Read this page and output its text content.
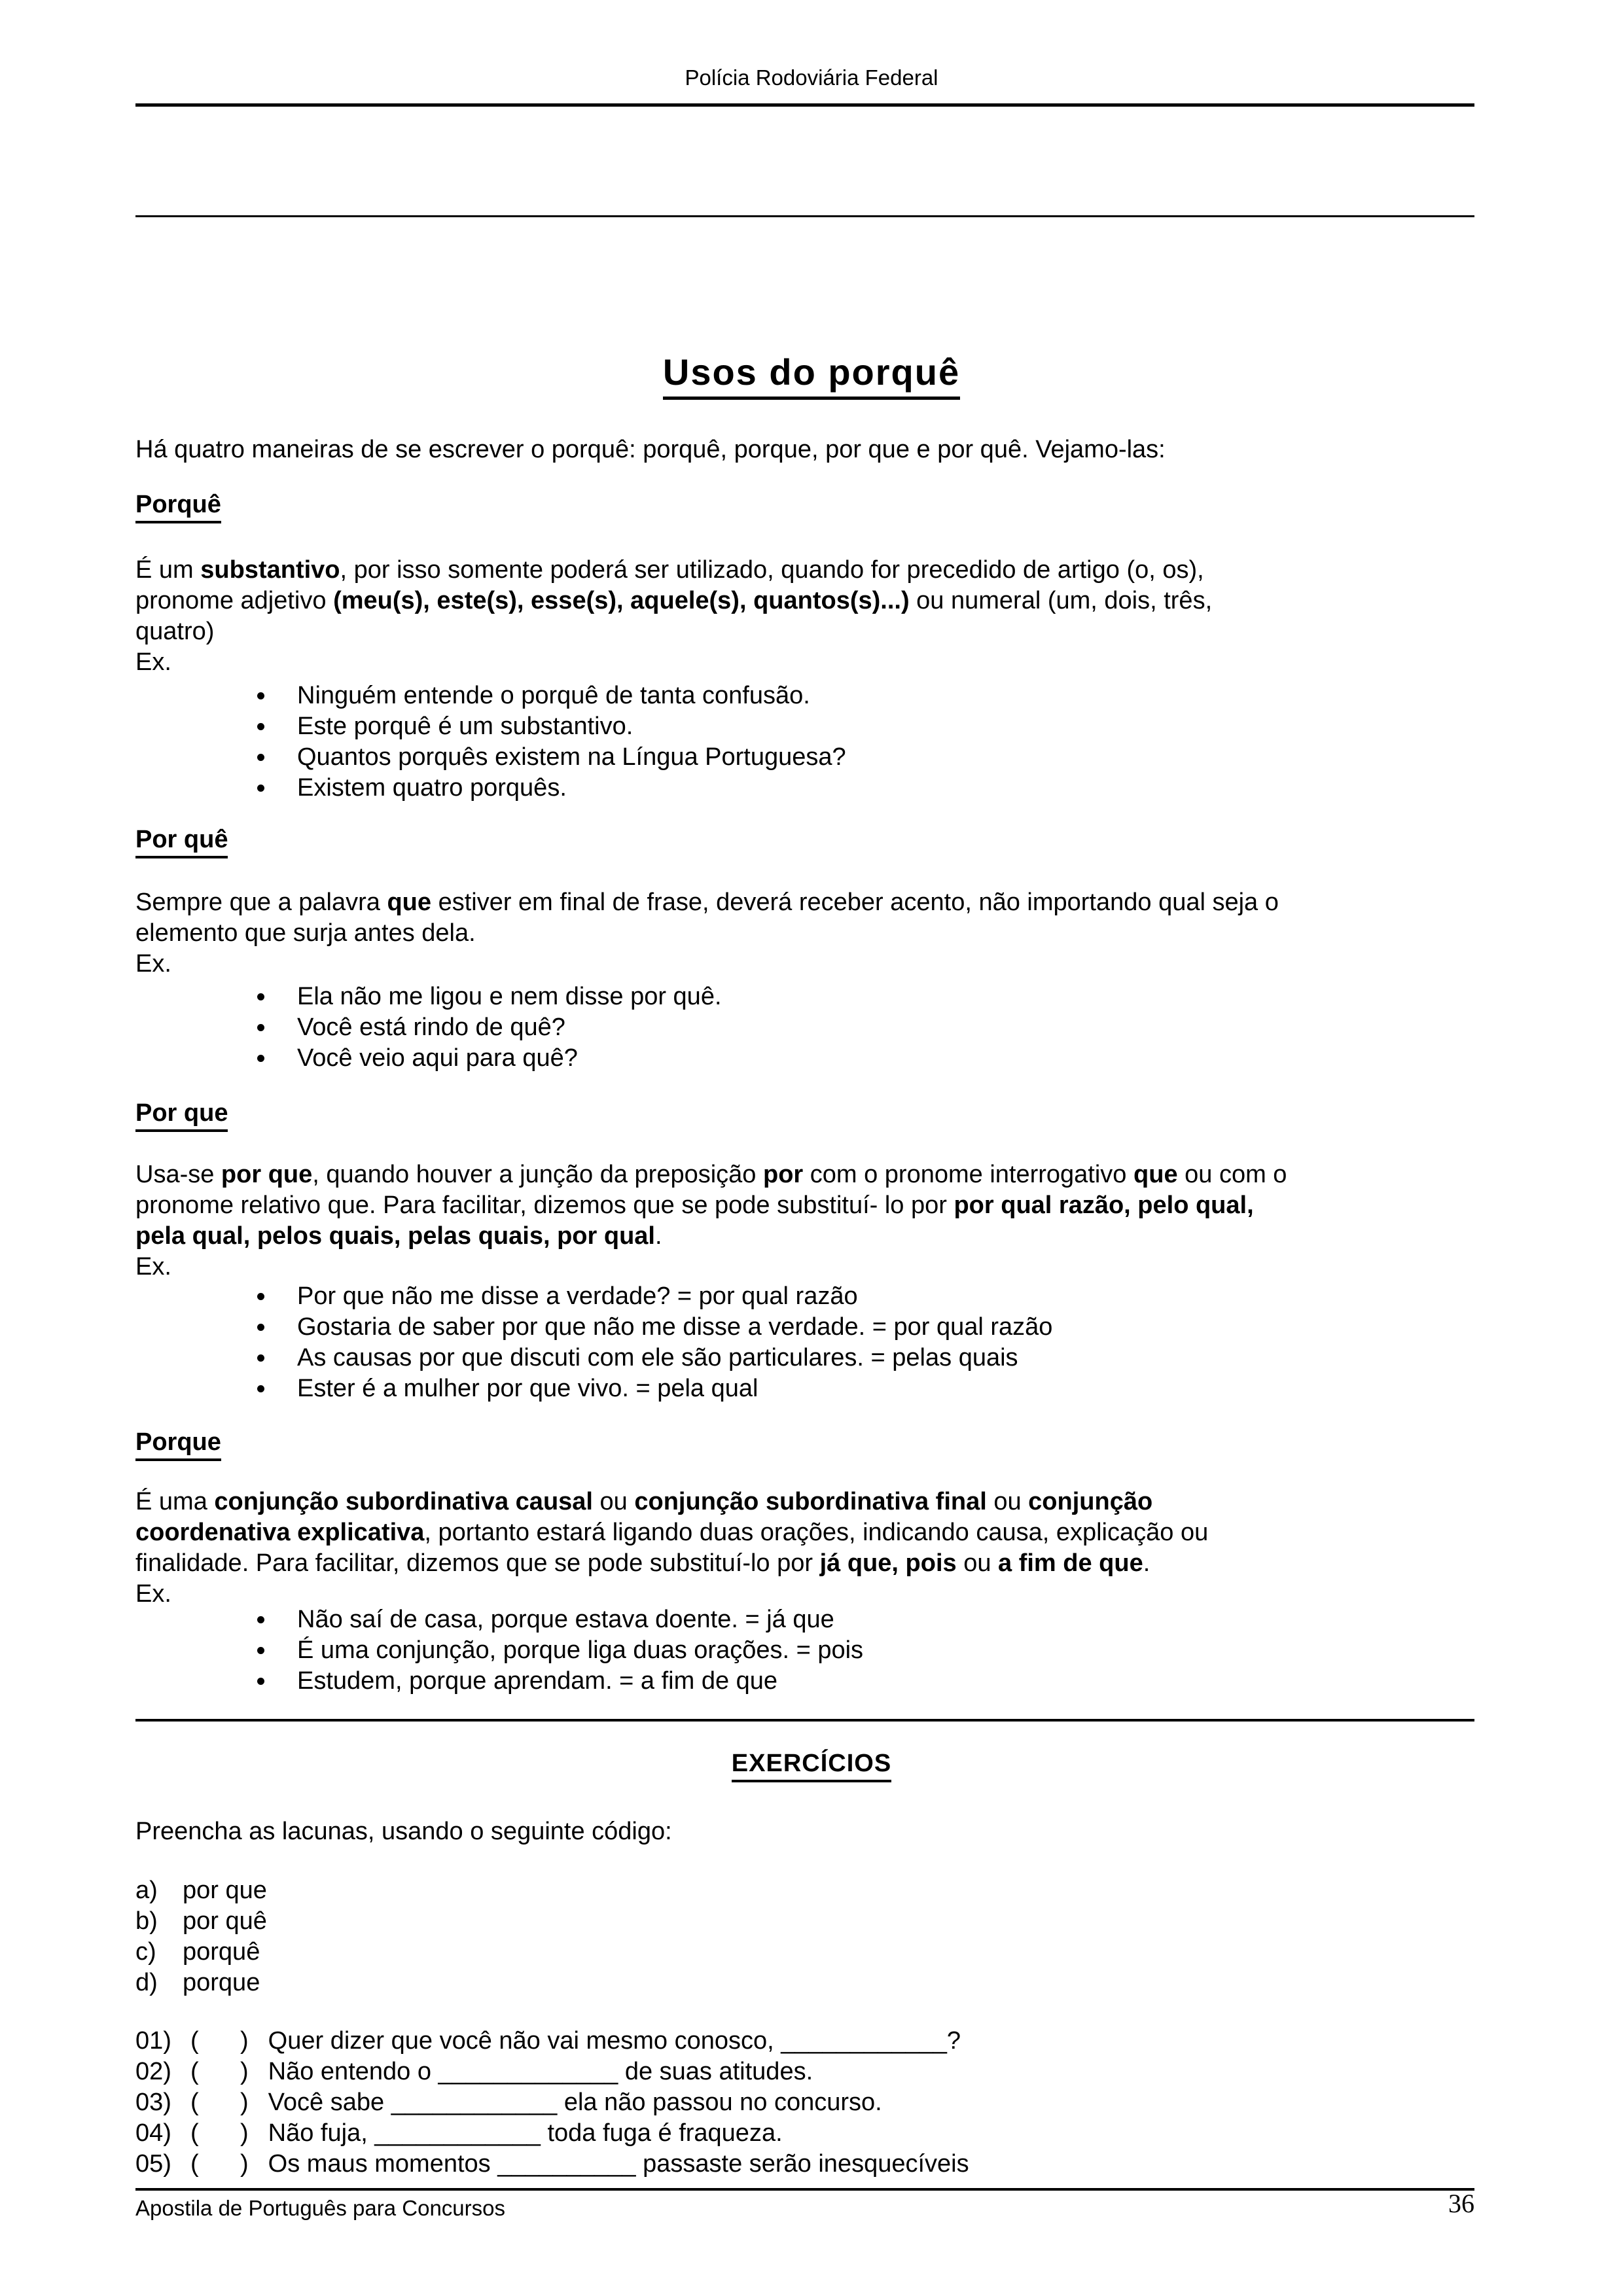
Polícia Rodoviária Federal
Usos do porquê
Há quatro maneiras de se escrever o porquê: porquê, porque, por que e por quê. Vejamo-las:
Porquê
É um substantivo, por isso somente poderá ser utilizado, quando for precedido de artigo (o, os),
pronome adjetivo (meu(s), este(s), esse(s), aquele(s), quantos(s)...) ou numeral (um, dois, três,
quatro)
Ex.
Ninguém entende o porquê de tanta confusão.
Este porquê é um substantivo.
Quantos porquês existem na Língua Portuguesa?
Existem quatro porquês.
Por quê
Sempre que a palavra que estiver em final de frase, deverá receber acento, não importando qual seja o
elemento que surja antes dela.
Ex.
Ela não me ligou e nem disse por quê.
Você está rindo de quê?
Você veio aqui para quê?
Por que
Usa-se por que, quando houver a junção da preposição por com o pronome interrogativo que ou com o
pronome relativo que. Para facilitar, dizemos que se pode substituí- lo por por qual razão, pelo qual,
pela qual, pelos quais, pelas quais, por qual.
Ex.
Por que não me disse a verdade? = por qual razão
Gostaria de saber por que não me disse a verdade. = por qual razão
As causas por que discuti com ele são particulares. = pelas quais
Ester é a mulher por que vivo. = pela qual
Porque
É uma conjunção subordinativa causal ou conjunção subordinativa final ou conjunção
coordenativa explicativa, portanto estará ligando duas orações, indicando causa, explicação ou
finalidade. Para facilitar, dizemos que se pode substituí-lo por já que, pois ou a fim de que.
Ex.
Não saí de casa, porque estava doente. = já que
É uma conjunção, porque liga duas orações. = pois
Estudem, porque aprendam. = a fim de que
EXERCÍCIOS
Preencha as lacunas, usando o seguinte código:
a) por que
b) por quê
c) porquê
d) porque
01) (      ) Quer dizer que você não vai mesmo conosco, ____________?
02) (      ) Não entendo o _____________ de suas atitudes.
03) (      ) Você sabe ____________ ela não passou no concurso.
04) (      ) Não fuja, ____________ toda fuga é fraqueza.
05) (      ) Os maus momentos __________ passaste serão inesquecíveis
Apostila de Português para Concursos	36
